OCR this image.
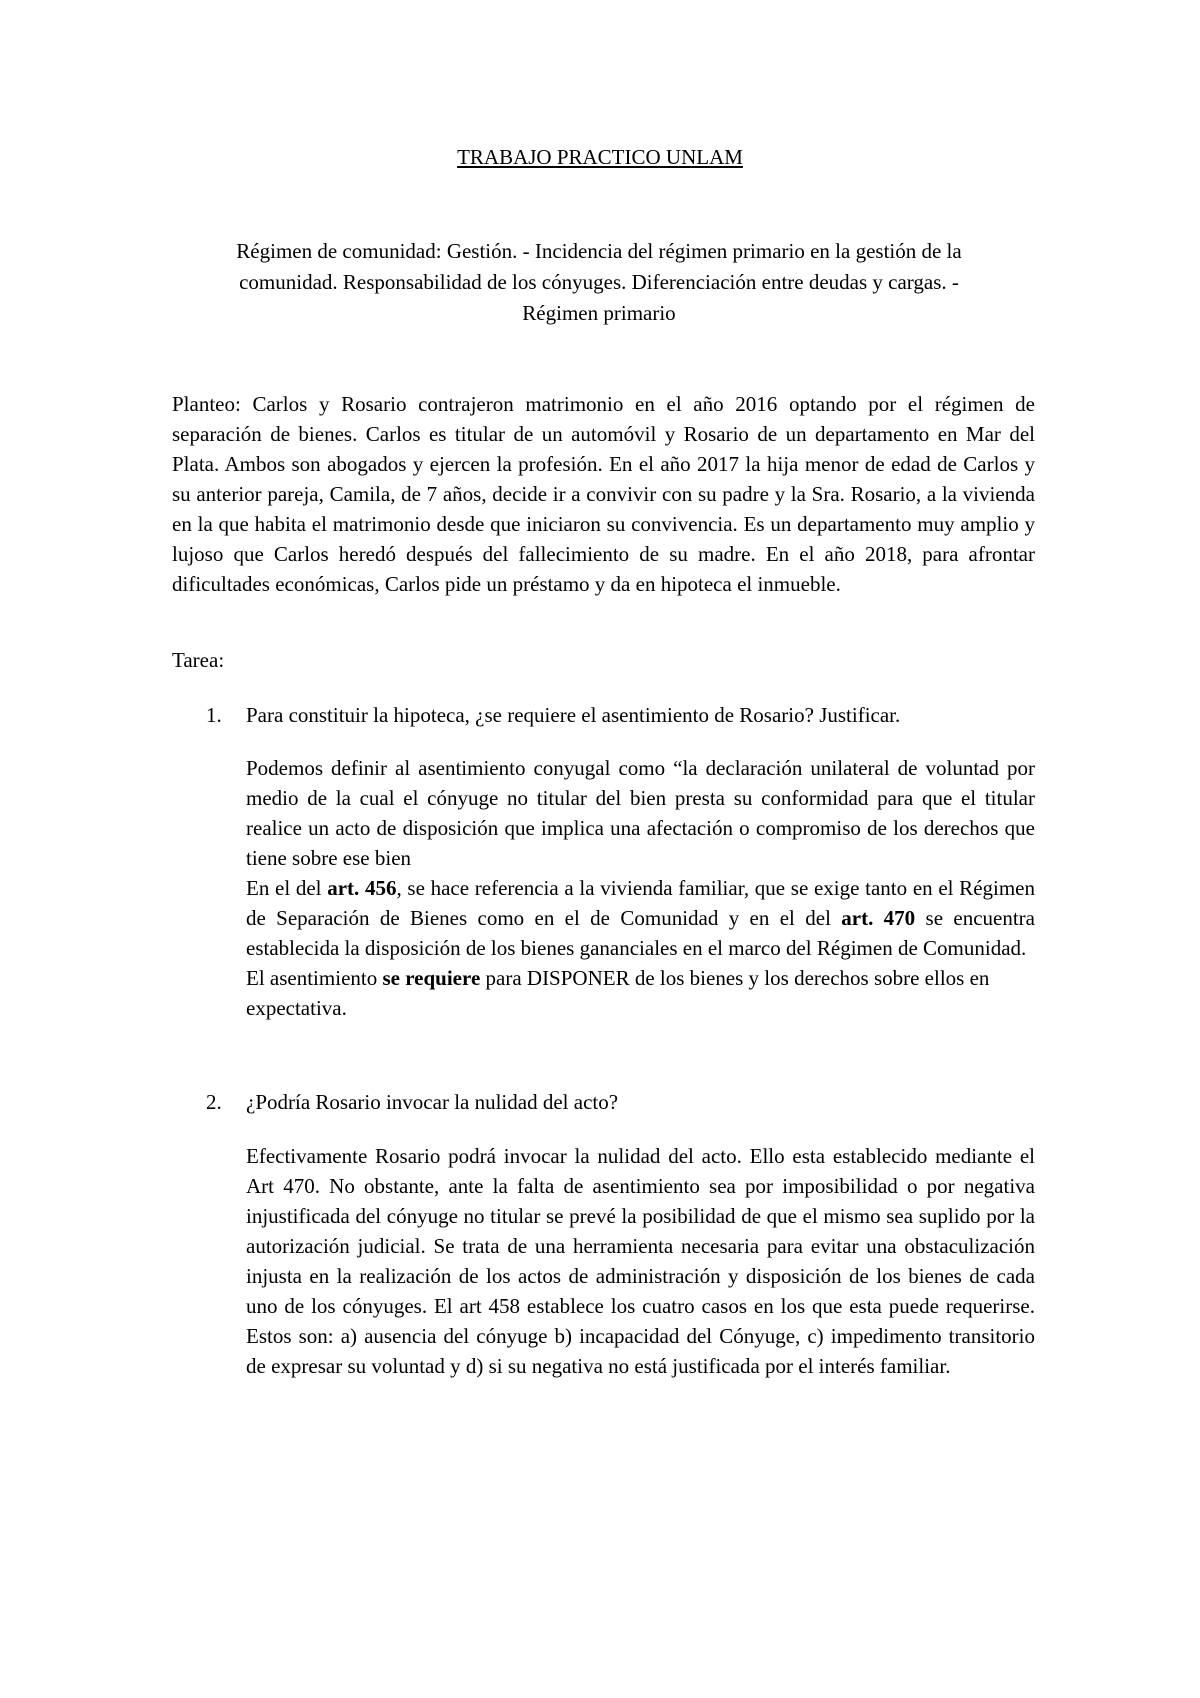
TRABAJO PRACTICO UNLAM
Régimen de comunidad: Gestión. - Incidencia del régimen primario en la gestión de la
comunidad. Responsabilidad de los cónyuges. Diferenciación entre deudas y cargas. -
Régimen primario
Planteo: Carlos y Rosario contrajeron matrimonio en el año 2016 optando por el régimen de separación de bienes. Carlos es titular de un automóvil y Rosario de un departamento en Mar del Plata. Ambos son abogados y ejercen la profesión. En el año 2017 la hija menor de edad de Carlos y su anterior pareja, Camila, de 7 años, decide ir a convivir con su padre y la Sra. Rosario, a la vivienda en la que habita el matrimonio desde que iniciaron su convivencia. Es un departamento muy amplio y lujoso que Carlos heredó después del fallecimiento de su madre. En el año 2018, para afrontar dificultades económicas, Carlos pide un préstamo y da en hipoteca el inmueble.
Tarea:
1. Para constituir la hipoteca, ¿se requiere el asentimiento de Rosario? Justificar.

Podemos definir al asentimiento conyugal como “la declaración unilateral de voluntad por medio de la cual el cónyuge no titular del bien presta su conformidad para que el titular realice un acto de disposición que implica una afectación o compromiso de los derechos que tiene sobre ese bien

En el del art. 456, se hace referencia a la vivienda familiar, que se exige tanto en el Régimen de Separación de Bienes como en el de Comunidad y en el del art. 470 se encuentra establecida la disposición de los bienes gananciales en el marco del Régimen de Comunidad.

El asentimiento se requiere para DISPONER de los bienes y los derechos sobre ellos en expectativa.

2. ¿Podría Rosario invocar la nulidad del acto?

Efectivamente Rosario podrá invocar la nulidad del acto. Ello esta establecido mediante el Art 470. No obstante, ante la falta de asentimiento sea por imposibilidad o por negativa injustificada del cónyuge no titular se prevé la posibilidad de que el mismo sea suplido por la autorización judicial. Se trata de una herramienta necesaria para evitar una obstaculización injusta en la realización de los actos de administración y disposición de los bienes de cada uno de los cónyuges. El art 458 establece los cuatro casos en los que esta puede requerirse. Estos son: a) ausencia del cónyuge b) incapacidad del Cónyuge, c) impedimento transitorio de expresar su voluntad y d) si su negativa no está justificada por el interés familiar.
